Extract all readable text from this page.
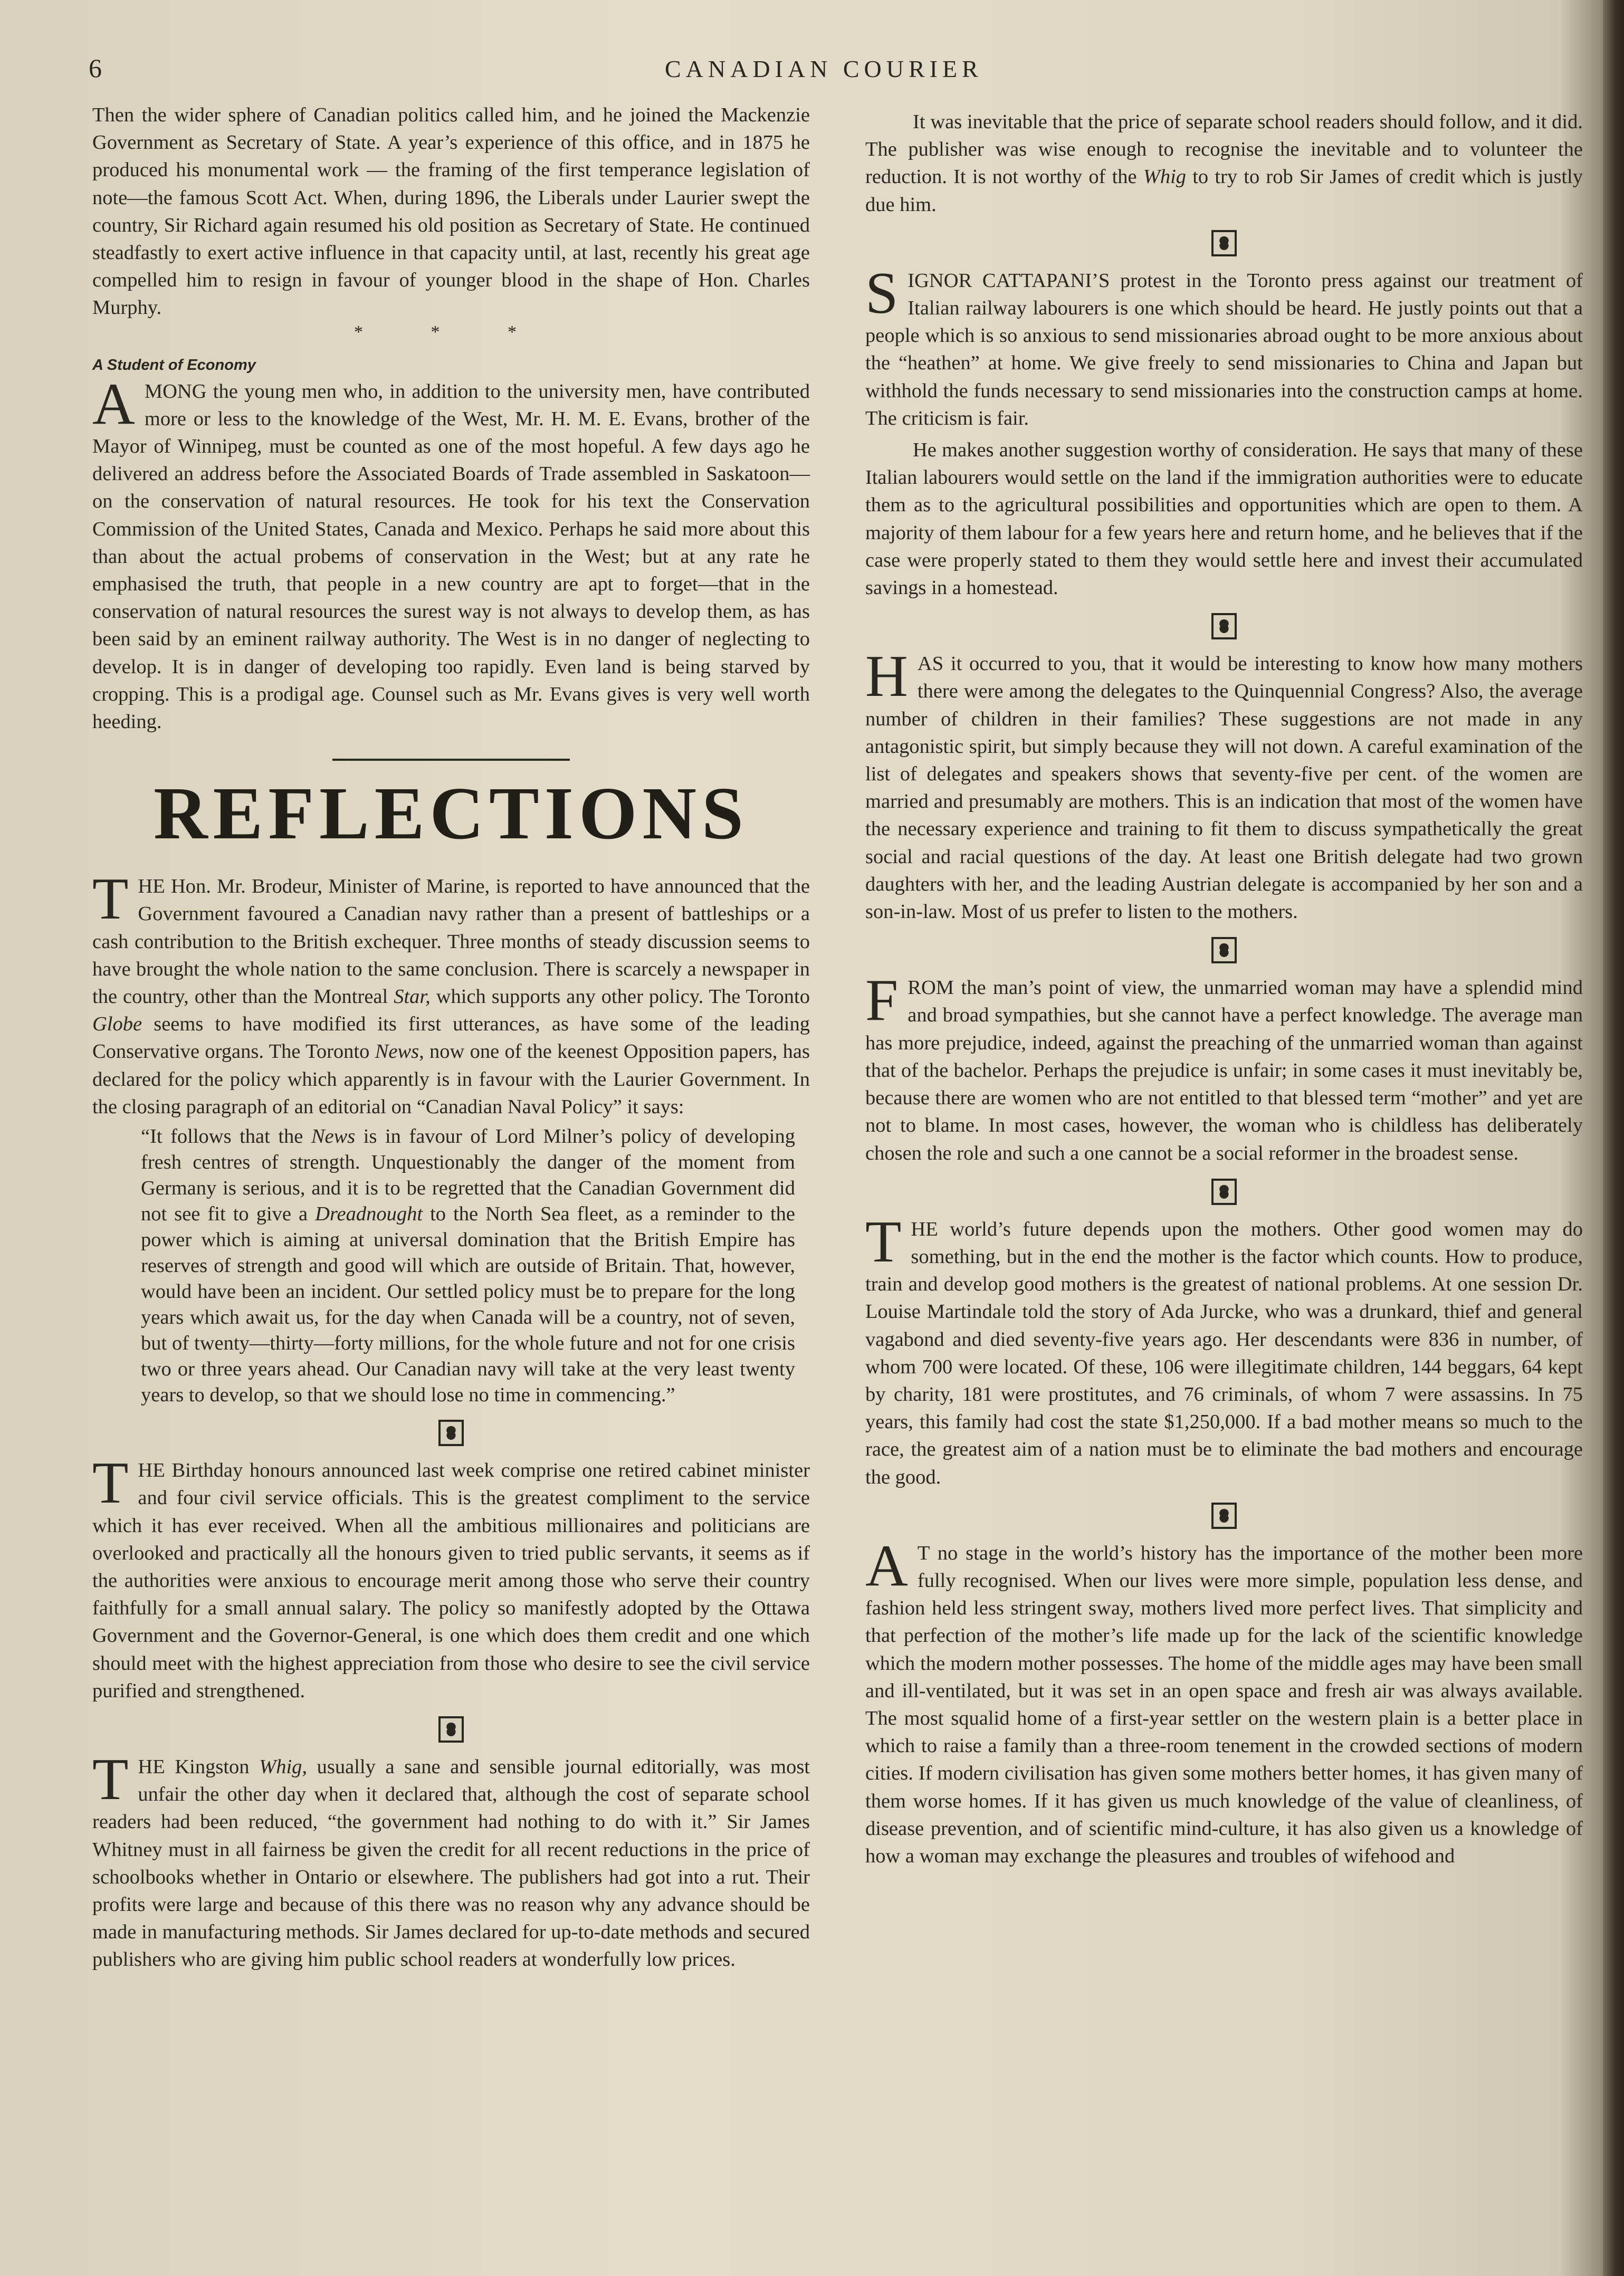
6	CANADIAN COURIER

Then the wider sphere of Canadian politics called him, and he joined the Mackenzie Government as Secretary of State. A year’s experience of this office, and in 1875 he produced his monumental work — the framing of the first temperance legislation of note—the famous Scott Act. When, during 1896, the Liberals under Laurier swept the country, Sir Richard again resumed his old position as Secretary of State. He continued steadfastly to exert active influence in that capacity until, at last, recently his great age compelled him to resign in favour of younger blood in the shape of Hon. Charles Murphy.

* * *
A Student of Economy

AMONG the young men who, in addition to the university men, have contributed more or less to the knowledge of the West, Mr. H. M. E. Evans, brother of the Mayor of Winnipeg, must be counted as one of the most hopeful. A few days ago he delivered an address before the Associated Boards of Trade assembled in Saskatoon—on the conservation of natural resources. He took for his text the Conservation Commission of the United States, Canada and Mexico. Perhaps he said more about this than about the actual probems of conservation in the West; but at any rate he emphasised the truth, that people in a new country are apt to forget—that in the conservation of natural resources the surest way is not always to develop them, as has been said by an eminent railway authority. The West is in no danger of neglecting to develop. It is in danger of developing too rapidly. Even land is being starved by cropping. This is a prodigal age. Counsel such as Mr. Evans gives is very well worth heeding.

REFLECTIONS

THE Hon. Mr. Brodeur, Minister of Marine, is reported to have announced that the Government favoured a Canadian navy rather than a present of battleships or a cash contribution to the British exchequer. Three months of steady discussion seems to have brought the whole nation to the same conclusion. There is scarcely a newspaper in the country, other than the Montreal Star, which supports any other policy. The Toronto Globe seems to have modified its first utterances, as have some of the leading Conservative organs. The Toronto News, now one of the keenest Opposition papers, has declared for the policy which apparently is in favour with the Laurier Government. In the closing paragraph of an editorial on “Canadian Naval Policy” it says:

“It follows that the News is in favour of Lord Milner’s policy of developing fresh centres of strength. Unquestionably the danger of the moment from Germany is serious, and it is to be regretted that the Canadian Government did not see fit to give a Dreadnought to the North Sea fleet, as a reminder to the power which is aiming at universal domination that the British Empire has reserves of strength and good will which are outside of Britain. That, however, would have been an incident. Our settled policy must be to prepare for the long years which await us, for the day when Canada will be a country, not of seven, but of twenty—thirty—forty millions, for the whole future and not for one crisis two or three years ahead. Our Canadian navy will take at the very least twenty years to develop, so that we should lose no time in commencing.”

THE Birthday honours announced last week comprise one retired cabinet minister and four civil service officials. This is the greatest compliment to the service which it has ever received. When all the ambitious millionaires and politicians are overlooked and practically all the honours given to tried public servants, it seems as if the authorities were anxious to encourage merit among those who serve their country faithfully for a small annual salary. The policy so manifestly adopted by the Ottawa Government and the Governor-General, is one which does them credit and one which should meet with the highest appreciation from those who desire to see the civil service purified and strengthened.

THE Kingston Whig, usually a sane and sensible journal editorially, was most unfair the other day when it declared that, although the cost of separate school readers had been reduced, “the government had nothing to do with it.” Sir James Whitney must in all fairness be given the credit for all recent reductions in the price of schoolbooks whether in Ontario or elsewhere. The publishers had got into a rut. Their profits were large and because of this there was no reason why any advance should be made in manufacturing methods. Sir James declared for up-to-date methods and secured publishers who are giving him public school readers at wonderfully low prices.

It was inevitable that the price of separate school readers should follow, and it did. The publisher was wise enough to recognise the inevitable and to volunteer the reduction. It is not worthy of the Whig to try to rob Sir James of credit which is justly due him.

SIGNOR CATTAPANI’S protest in the Toronto press against our treatment of Italian railway labourers is one which should be heard. He justly points out that a people which is so anxious to send missionaries abroad ought to be more anxious about the “heathen” at home. We give freely to send missionaries to China and Japan but withhold the funds necessary to send missionaries into the construction camps at home. The criticism is fair.

He makes another suggestion worthy of consideration. He says that many of these Italian labourers would settle on the land if the immigration authorities were to educate them as to the agricultural possibilities and opportunities which are open to them. A majority of them labour for a few years here and return home, and he believes that if the case were properly stated to them they would settle here and invest their accumulated savings in a homestead.

HAS it occurred to you, that it would be interesting to know how many mothers there were among the delegates to the Quinquennial Congress? Also, the average number of children in their families? These suggestions are not made in any antagonistic spirit, but simply because they will not down. A careful examination of the list of delegates and speakers shows that seventy-five per cent. of the women are married and presumably are mothers. This is an indication that most of the women have the necessary experience and training to fit them to discuss sympathetically the great social and racial questions of the day. At least one British delegate had two grown daughters with her, and the leading Austrian delegate is accompanied by her son and a son-in-law. Most of us prefer to listen to the mothers.

FROM the man’s point of view, the unmarried woman may have a splendid mind and broad sympathies, but she cannot have a perfect knowledge. The average man has more prejudice, indeed, against the preaching of the unmarried woman than against that of the bachelor. Perhaps the prejudice is unfair; in some cases it must inevitably be, because there are women who are not entitled to that blessed term “mother” and yet are not to blame. In most cases, however, the woman who is childless has deliberately chosen the role and such a one cannot be a social reformer in the broadest sense.

THE world’s future depends upon the mothers. Other good women may do something, but in the end the mother is the factor which counts. How to produce, train and develop good mothers is the greatest of national problems. At one session Dr. Louise Martindale told the story of Ada Jurcke, who was a drunkard, thief and general vagabond and died seventy-five years ago. Her descendants were 836 in number, of whom 700 were located. Of these, 106 were illegitimate children, 144 beggars, 64 kept by charity, 181 were prostitutes, and 76 criminals, of whom 7 were assassins. In 75 years, this family had cost the state $1,250,000. If a bad mother means so much to the race, the greatest aim of a nation must be to eliminate the bad mothers and encourage the good.

A T no stage in the world’s history has the importance of the mother been more fully recognised. When our lives were more simple, population less dense, and fashion held less stringent sway, mothers lived more perfect lives. That simplicity and that perfection of the mother’s life made up for the lack of the scientific knowledge which the modern mother possesses. The home of the middle ages may have been small and ill-ventilated, but it was set in an open space and fresh air was always available. The most squalid home of a first-year settler on the western plain is a better place in which to raise a family than a three-room tenement in the crowded sections of modern cities. If modern civilisation has given some mothers better homes, it has given many of them worse homes. If it has given us much knowledge of the value of cleanliness, of disease prevention, and of scientific mind-culture, it has also given us a knowledge of how a woman may exchange the pleasures and troubles of wifehood and
